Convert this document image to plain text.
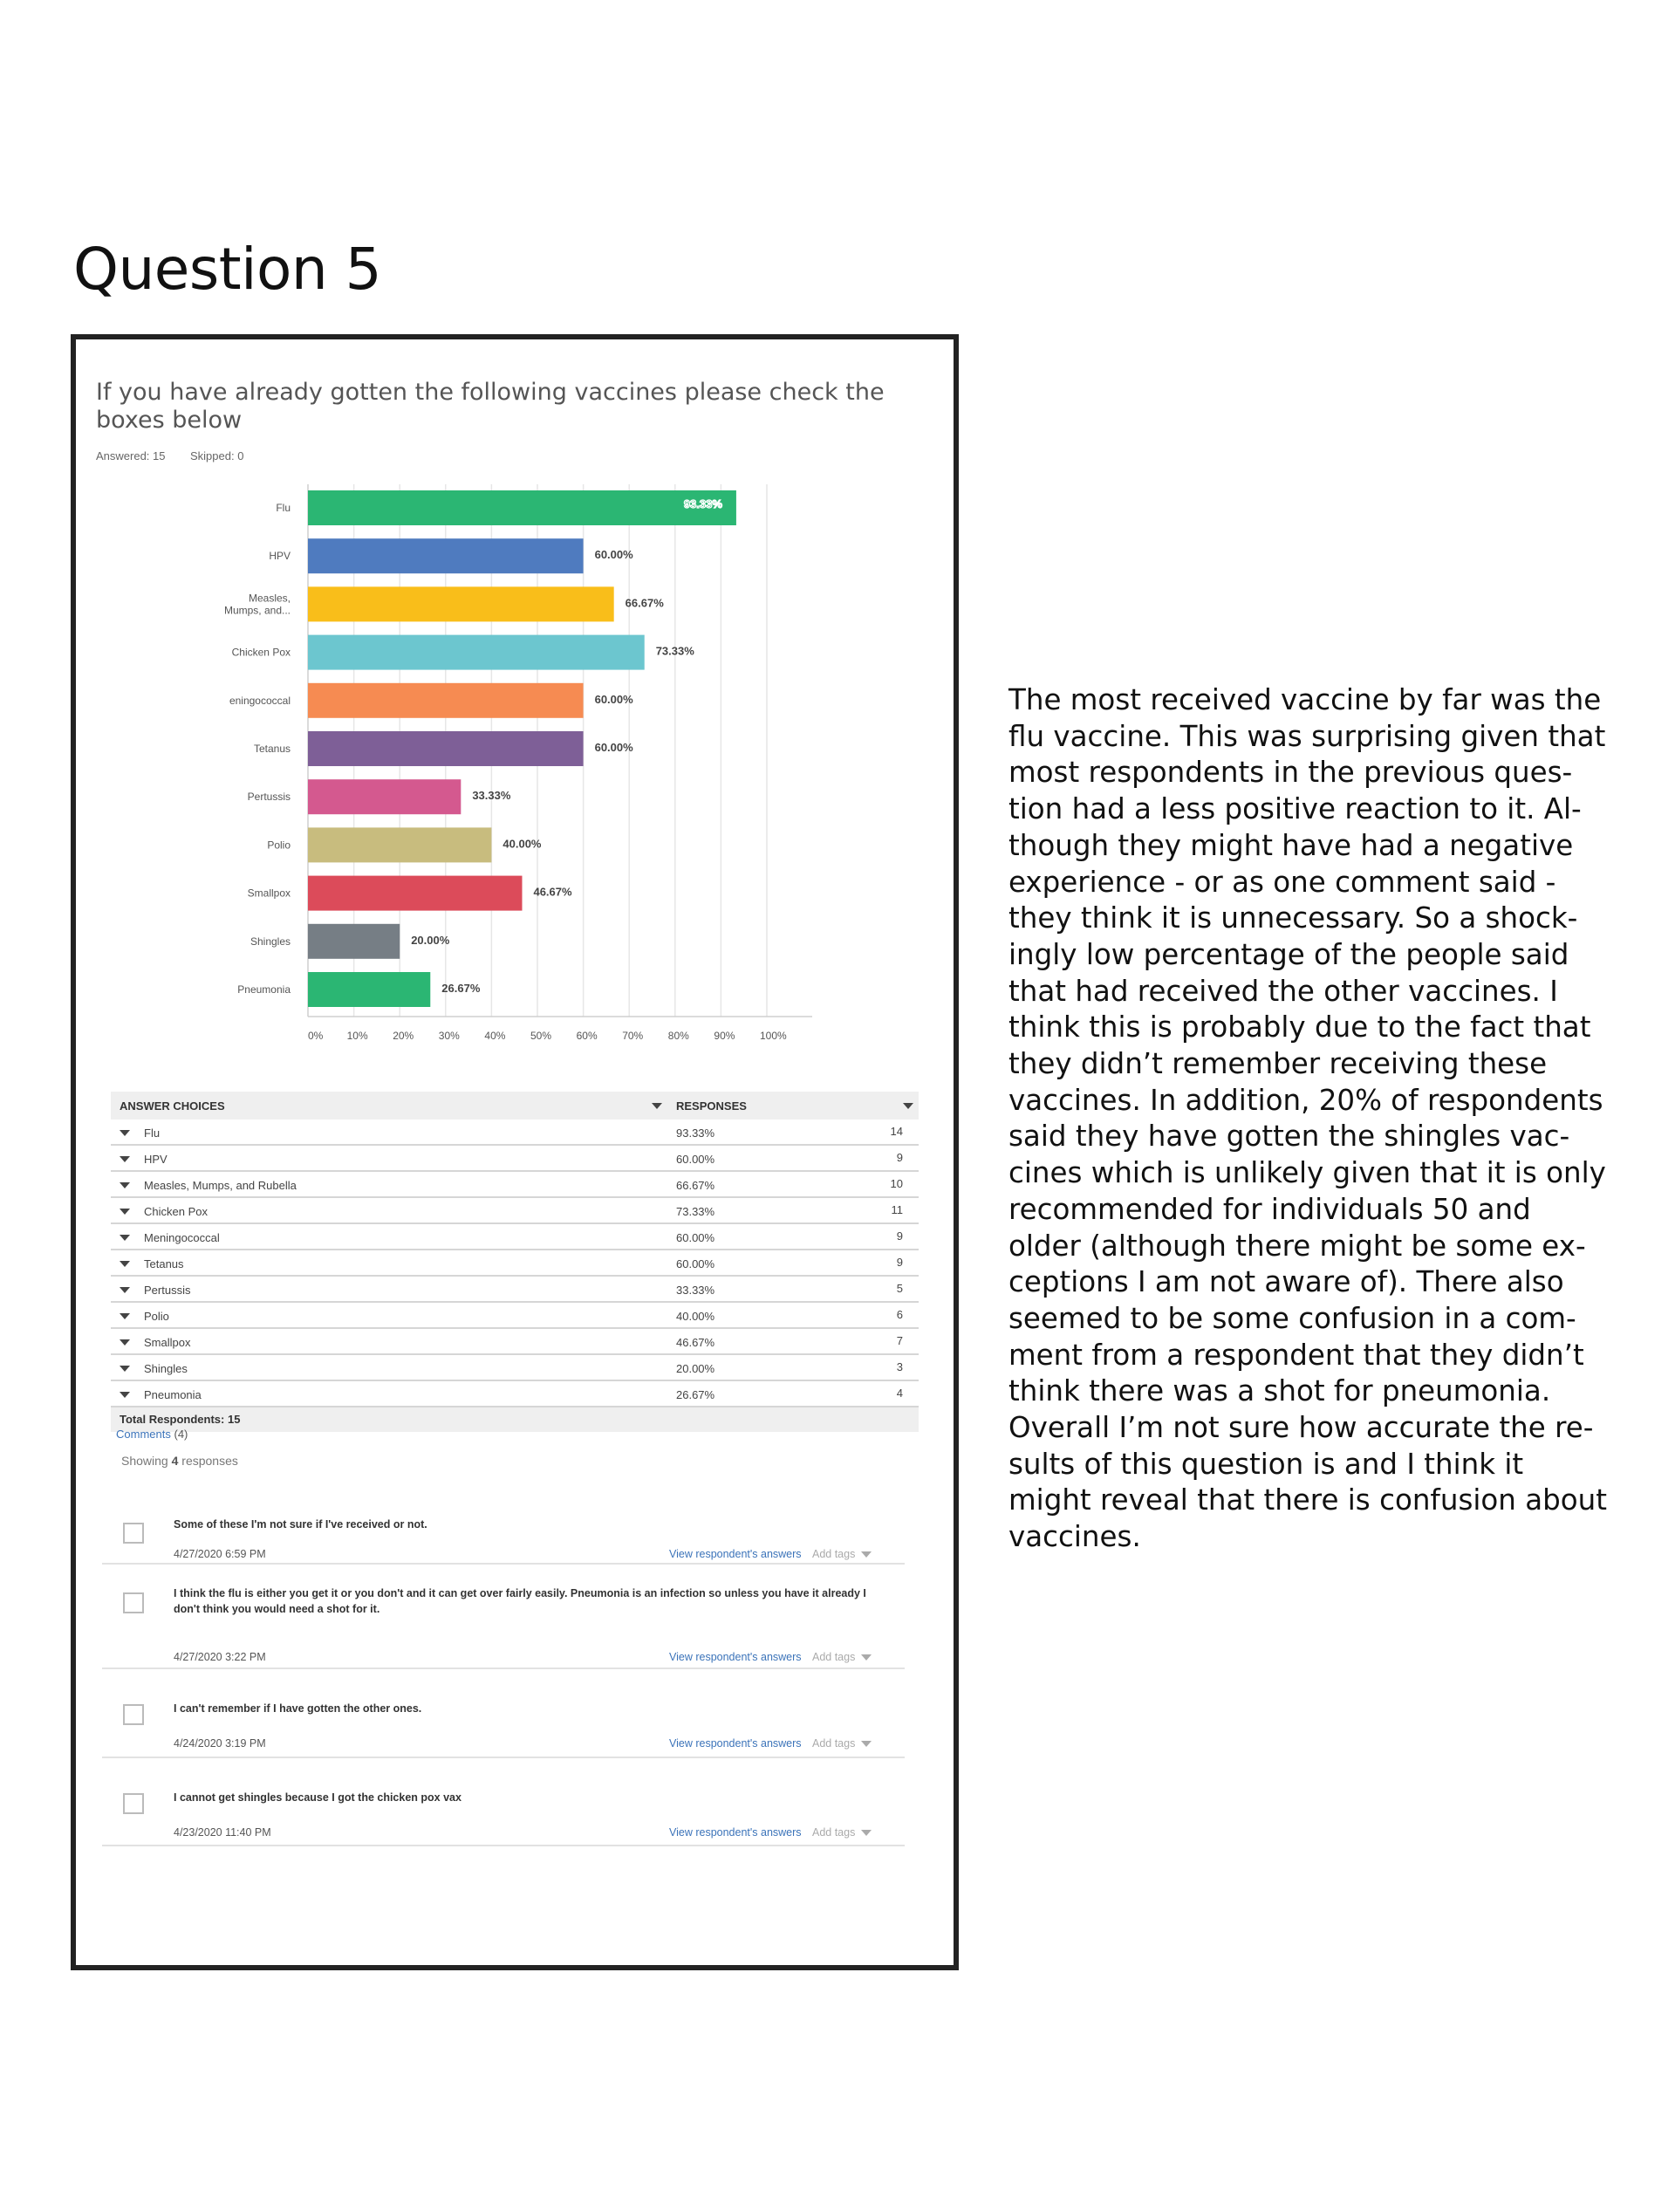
Question 5
If you have already gotten the following vaccines please check the boxes below
Answered: 15 Skipped: 0
0% 10% 20% 30% 40% 50% 60% 70% 80% 90% 100%
Flu	93.33%
HPV	60.00%
Measles,
Mumps, and...
66.67%
Chicken Pox	73.33%
eningococcal	60.00%
Tetanus	60.00%
Pertussis	33.33%
Polio	40.00%
Smallpox	46.67%
Shingles	20.00%
Pneumonia	26.67%
ANSWER CHOICES	RESPONSES
Flu	93.33%	14
HPV	60.00%	9
Measles, Mumps, and Rubella	66.67%	10
Chicken Pox	73.33%	11
Meningococcal	60.00%	9
Tetanus	60.00%	9
Pertussis	33.33%	5
Polio	40.00%	6
Smallpox	46.67%	7
Shingles	20.00%	3
Pneumonia	26.67%	4
Total Respondents: 15
Comments (4)
Showing 4 responses
Some of these I'm not sure if I've received or not.
4/27/2020 6:59 PM	View respondent's answers Add tags
I think the flu is either you get it or you don't and it can get over fairly easily. Pneumonia is an infection so unless you have it already I don't think you would need a shot for it.
4/27/2020 3:22 PM	View respondent's answers Add tags
I can't remember if I have gotten the other ones.
4/24/2020 3:19 PM	View respondent's answers Add tags
I cannot get shingles because I got the chicken pox vax
4/23/2020 11:40 PM	View respondent's answers Add tags

The most received vaccine by far was the
flu vaccine. This was surprising given that
most respondents in the previous ques-
tion had a less positive reaction to it. Al-
though they might have had a negative
experience - or as one comment said -
they think it is unnecessary. So a shock-
ingly low percentage of the people said
that had received the other vaccines. I
think this is probably due to the fact that
they didn’t remember receiving these
vaccines. In addition, 20% of respondents
said they have gotten the shingles vac-
cines which is unlikely given that it is only
recommended for individuals 50 and
older (although there might be some ex-
ceptions I am not aware of). There also
seemed to be some confusion in a com-
ment from a respondent that they didn’t
think there was a shot for pneumonia.
Overall I’m not sure how accurate the re-
sults of this question is and I think it
might reveal that there is confusion about
vaccines.
